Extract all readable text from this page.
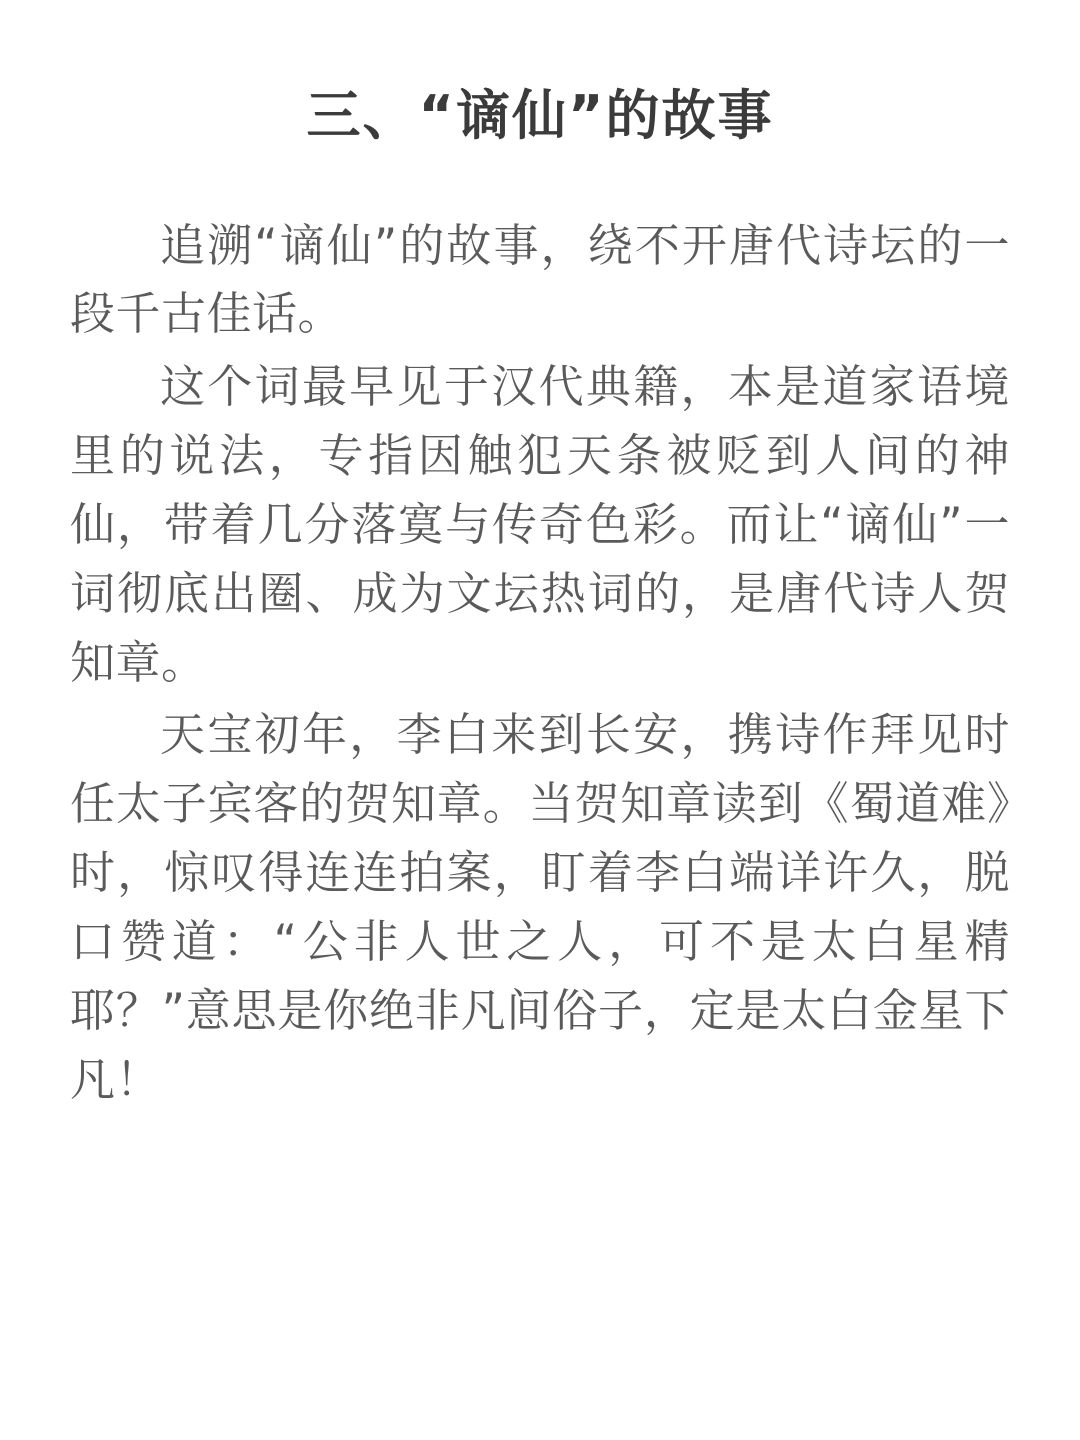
三、“谪仙”的故事

追溯“谪仙”的故事，绕不开唐代诗坛的一段千古佳话。

这个词最早见于汉代典籍，本是道家语境里的说法，专指因触犯天条被贬到人间的神仙，带着几分落寞与传奇色彩。而让“谪仙”一词彻底出圈、成为文坛热词的，是唐代诗人贺知章。

天宝初年，李白来到长安，携诗作拜见时任太子宾客的贺知章。当贺知章读到《蜀道难》时，惊叹得连连拍案，盯着李白端详许久，脱口赞道：“公非人世之人，可不是太白星精耶？”意思是你绝非凡间俗子，定是太白金星下凡！
